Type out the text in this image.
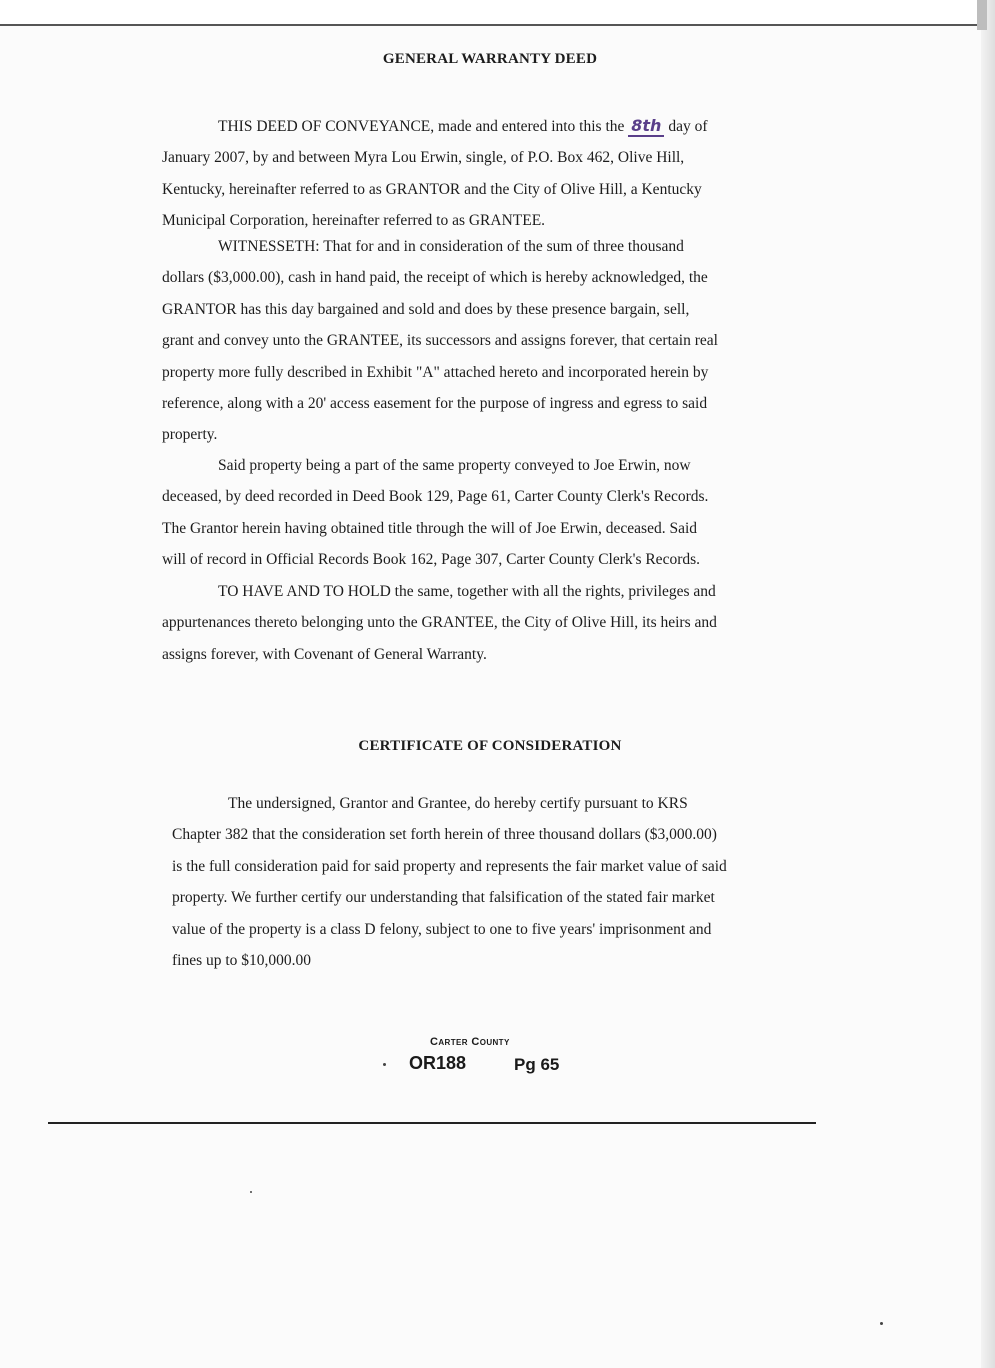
GENERAL WARRANTY DEED

THIS DEED OF CONVEYANCE, made and entered into this the 8th day of
January 2007, by and between Myra Lou Erwin, single, of P.O. Box 462, Olive Hill,
Kentucky, hereinafter referred to as GRANTOR and the City of Olive Hill, a Kentucky
Municipal Corporation, hereinafter referred to as GRANTEE.

WITNESSETH: That for and in consideration of the sum of three thousand
dollars ($3,000.00), cash in hand paid, the receipt of which is hereby acknowledged, the
GRANTOR has this day bargained and sold and does by these presence bargain, sell,
grant and convey unto the GRANTEE, its successors and assigns forever, that certain real
property more fully described in Exhibit "A" attached hereto and incorporated herein by
reference, along with a 20' access easement for the purpose of ingress and egress to said
property.

Said property being a part of the same property conveyed to Joe Erwin, now
deceased, by deed recorded in Deed Book 129, Page 61, Carter County Clerk's Records.
The Grantor herein having obtained title through the will of Joe Erwin, deceased. Said
will of record in Official Records Book 162, Page 307, Carter County Clerk's Records.

TO HAVE AND TO HOLD the same, together with all the rights, privileges and
appurtenances thereto belonging unto the GRANTEE, the City of Olive Hill, its heirs and
assigns forever, with Covenant of General Warranty.

CERTIFICATE OF CONSIDERATION

The undersigned, Grantor and Grantee, do hereby certify pursuant to KRS
Chapter 382 that the consideration set forth herein of three thousand dollars ($3,000.00)
is the full consideration paid for said property and represents the fair market value of said
property. We further certify our understanding that falsification of the stated fair market
value of the property is a class D felony, subject to one to five years' imprisonment and
fines up to $10,000.00

Carter County
OR188	Pg 65
